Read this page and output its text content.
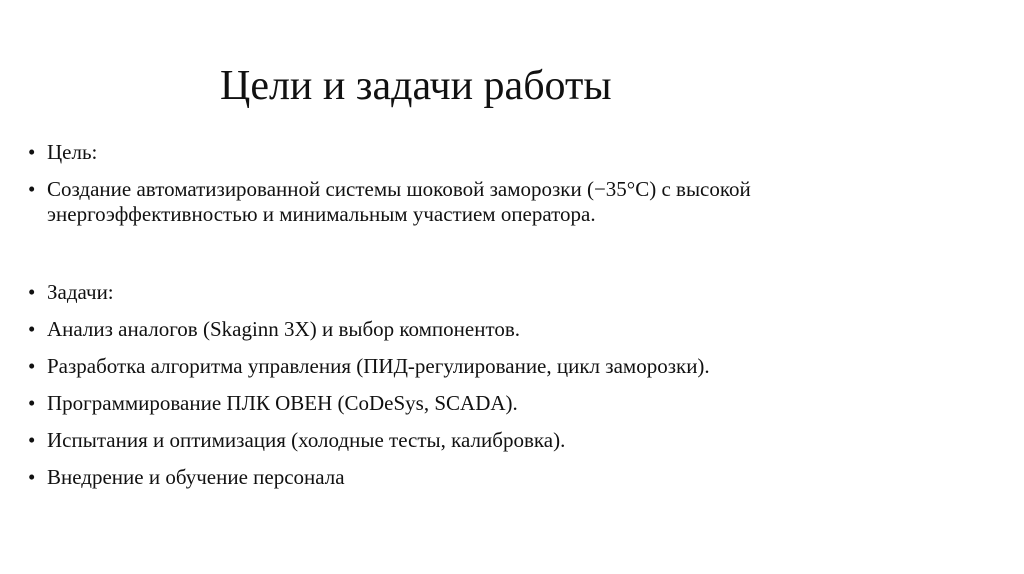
Цели и задачи работы
• Цель:
• Создание автоматизированной системы шоковой заморозки (−35°C) с высокой энергоэффективностью и минимальным участием оператора.
• Задачи:
• Анализ аналогов (Skaginn 3X) и выбор компонентов.
• Разработка алгоритма управления (ПИД-регулирование, цикл заморозки).
• Программирование ПЛК ОВЕН (CoDeSys, SCADA).
• Испытания и оптимизация (холодные тесты, калибровка).
• Внедрение и обучение персонала
